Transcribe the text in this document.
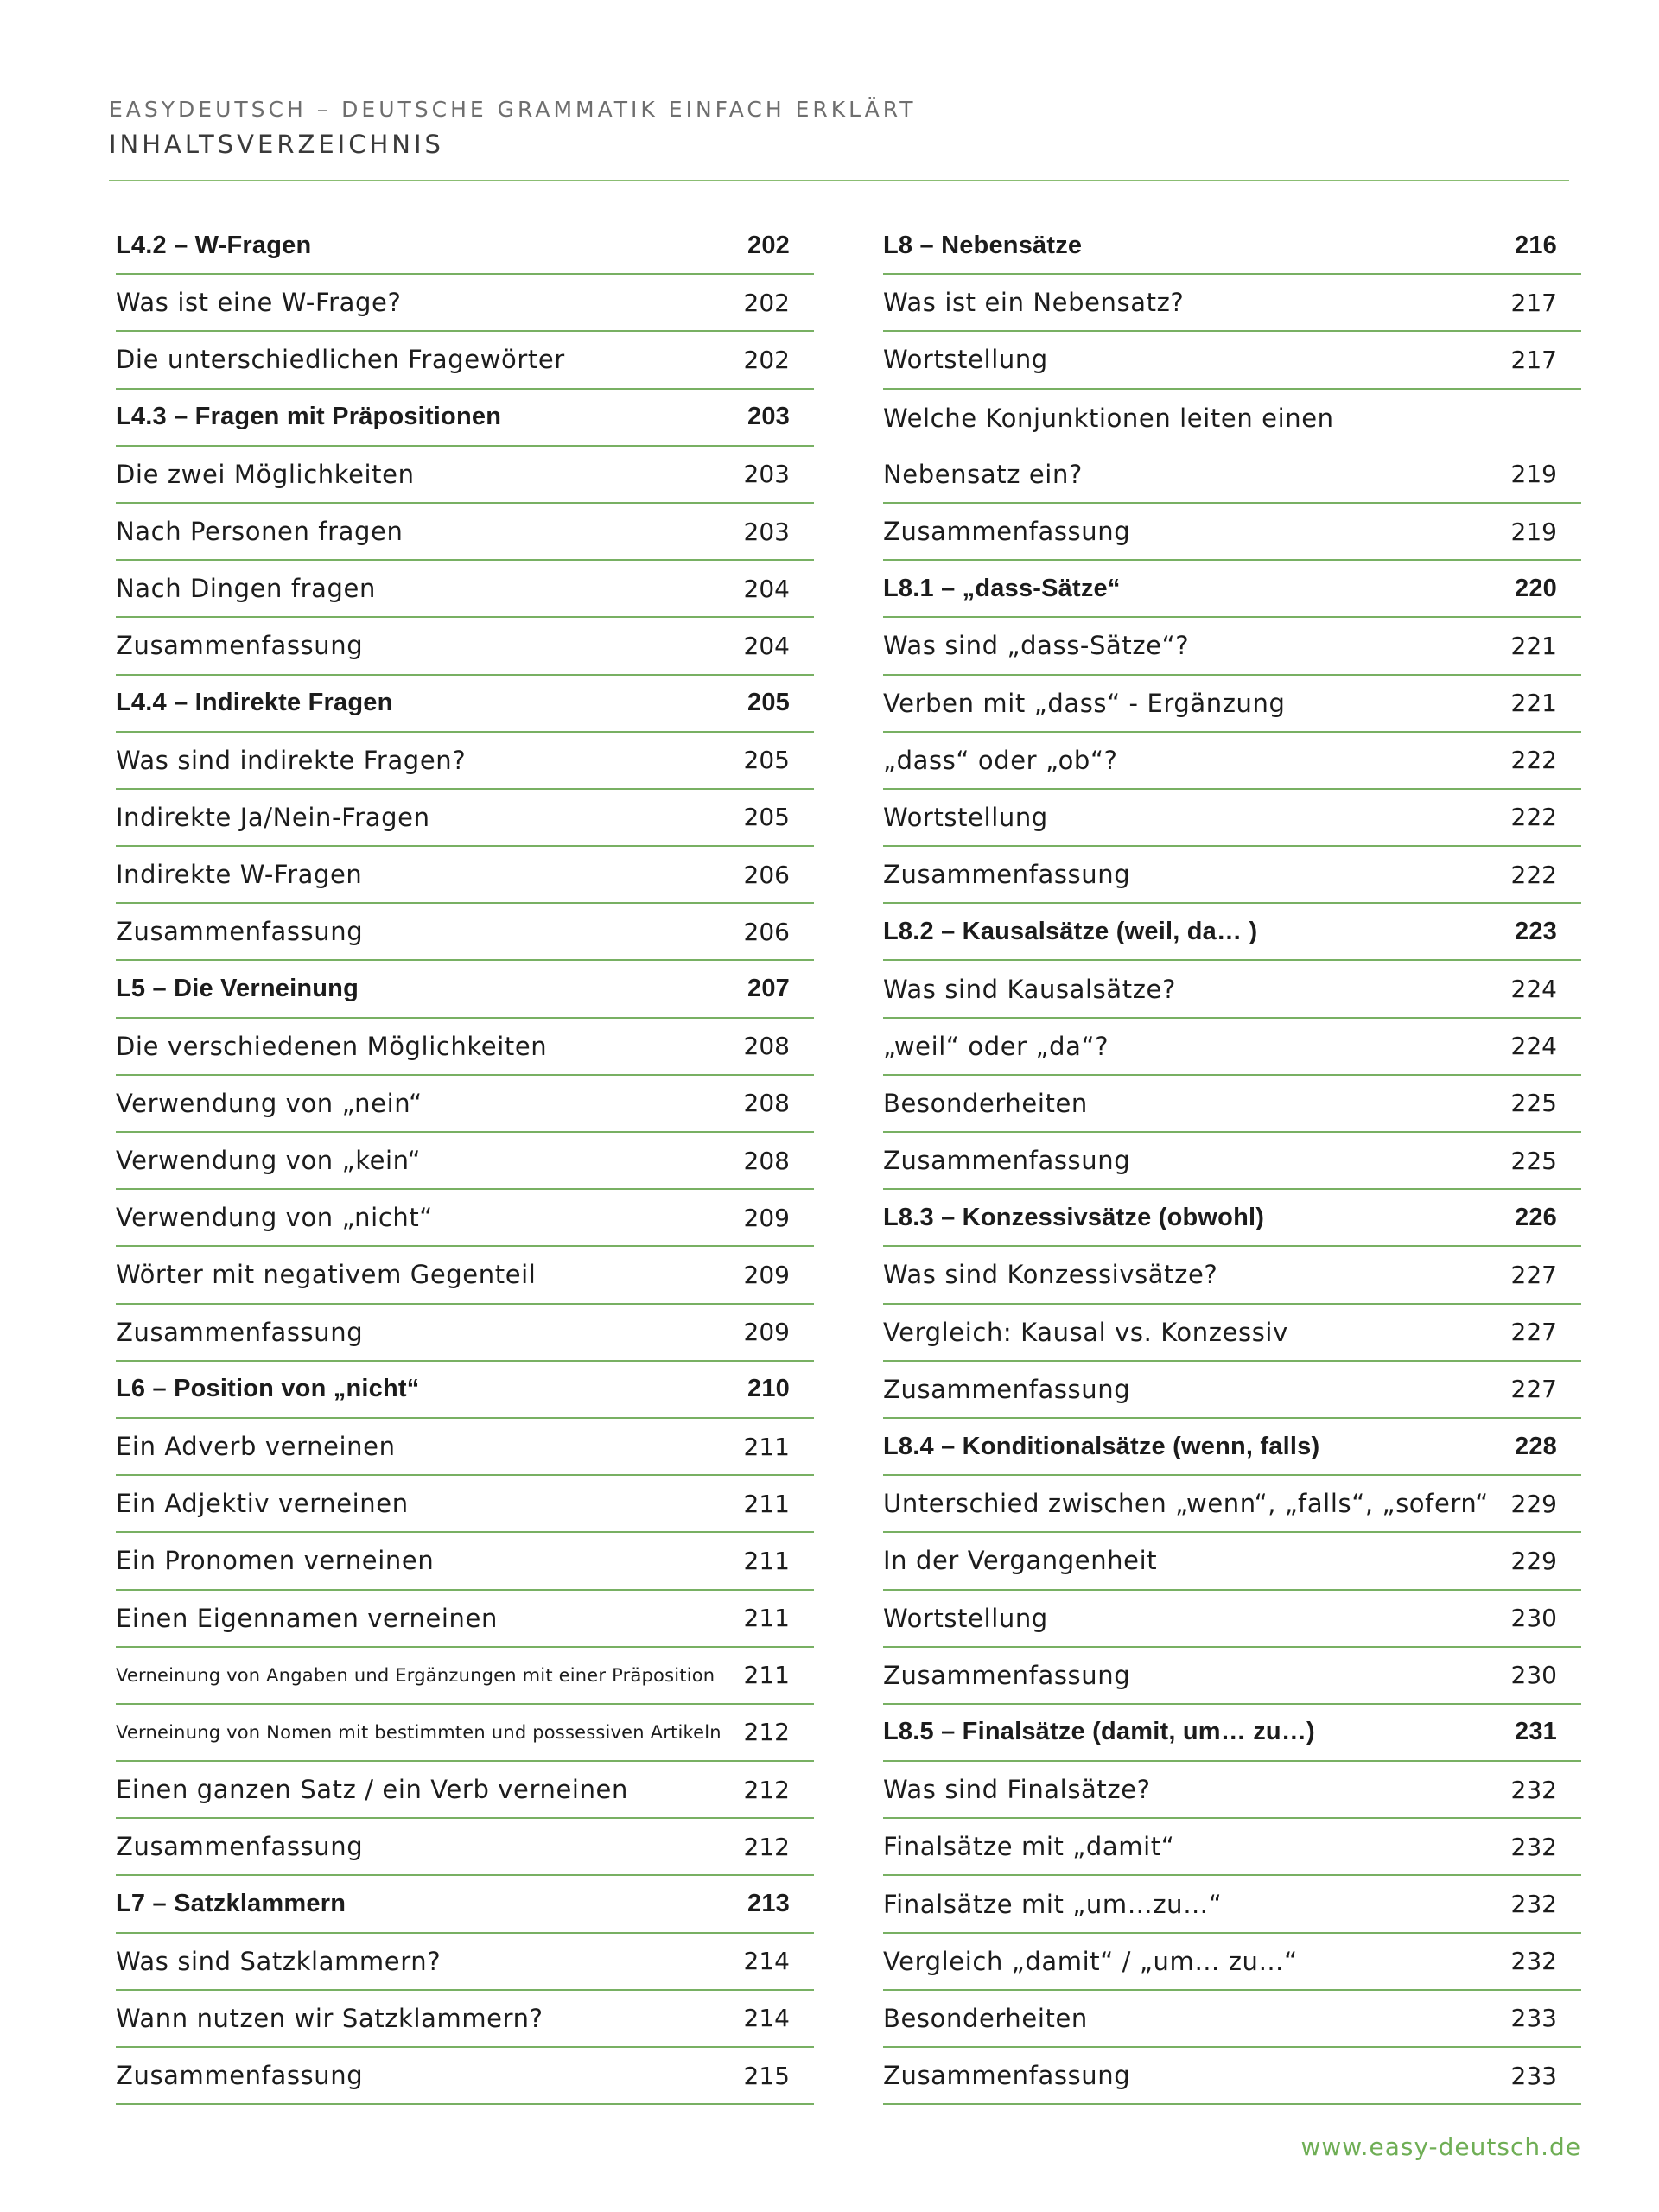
EASYDEUTSCH – DEUTSCHE GRAMMATIK EINFACH ERKLÄRT
INHALTSVERZEICHNIS
L4.2 – W-Fragen	202
Was ist eine W-Frage?	202
Die unterschiedlichen Fragewörter	202
L4.3 – Fragen mit Präpositionen	203
Die zwei Möglichkeiten	203
Nach Personen fragen	203
Nach Dingen fragen	204
Zusammenfassung	204
L4.4 – Indirekte Fragen	205
Was sind indirekte Fragen?	205
Indirekte Ja/Nein-Fragen	205
Indirekte W-Fragen	206
Zusammenfassung	206
L5 – Die Verneinung	207
Die verschiedenen Möglichkeiten	208
Verwendung von „nein“	208
Verwendung von „kein“	208
Verwendung von „nicht“	209
Wörter mit negativem Gegenteil	209
Zusammenfassung	209
L6 – Position von „nicht“	210
Ein Adverb verneinen	211
Ein Adjektiv verneinen	211
Ein Pronomen verneinen	211
Einen Eigennamen verneinen	211
Verneinung von Angaben und Ergänzungen mit einer Präposition 211
Verneinung von Nomen mit bestimmten und possessiven Artikeln 212
Einen ganzen Satz / ein Verb verneinen	212
Zusammenfassung	212
L7 – Satzklammern	213
Was sind Satzklammern?	214
Wann nutzen wir Satzklammern?	214
Zusammenfassung	215
L8 – Nebensätze	216
Was ist ein Nebensatz?	217
Wortstellung	217
Welche Konjunktionen leiten einen
Nebensatz ein?	219
Zusammenfassung	219
L8.1 – „dass-Sätze“	220
Was sind „dass-Sätze“?	221
Verben mit „dass“ - Ergänzung	221
„dass“ oder „ob“?	222
Wortstellung	222
Zusammenfassung	222
L8.2 – Kausalsätze (weil, da… )	223
Was sind Kausalsätze?	224
„weil“ oder „da“?	224
Besonderheiten	225
Zusammenfassung	225
L8.3 – Konzessivsätze (obwohl)	226
Was sind Konzessivsätze?	227
Vergleich: Kausal vs. Konzessiv	227
Zusammenfassung	227
L8.4 – Konditionalsätze (wenn, falls)	228
Unterschied zwischen „wenn“, „falls“, „sofern“ 229
In der Vergangenheit	229
Wortstellung	230
Zusammenfassung	230
L8.5 – Finalsätze (damit, um… zu…)	231
Was sind Finalsätze?	232
Finalsätze mit „damit“	232
Finalsätze mit „um…zu…“	232
Vergleich „damit“ / „um… zu…“	232
Besonderheiten	233
Zusammenfassung	233
www.easy-deutsch.de
